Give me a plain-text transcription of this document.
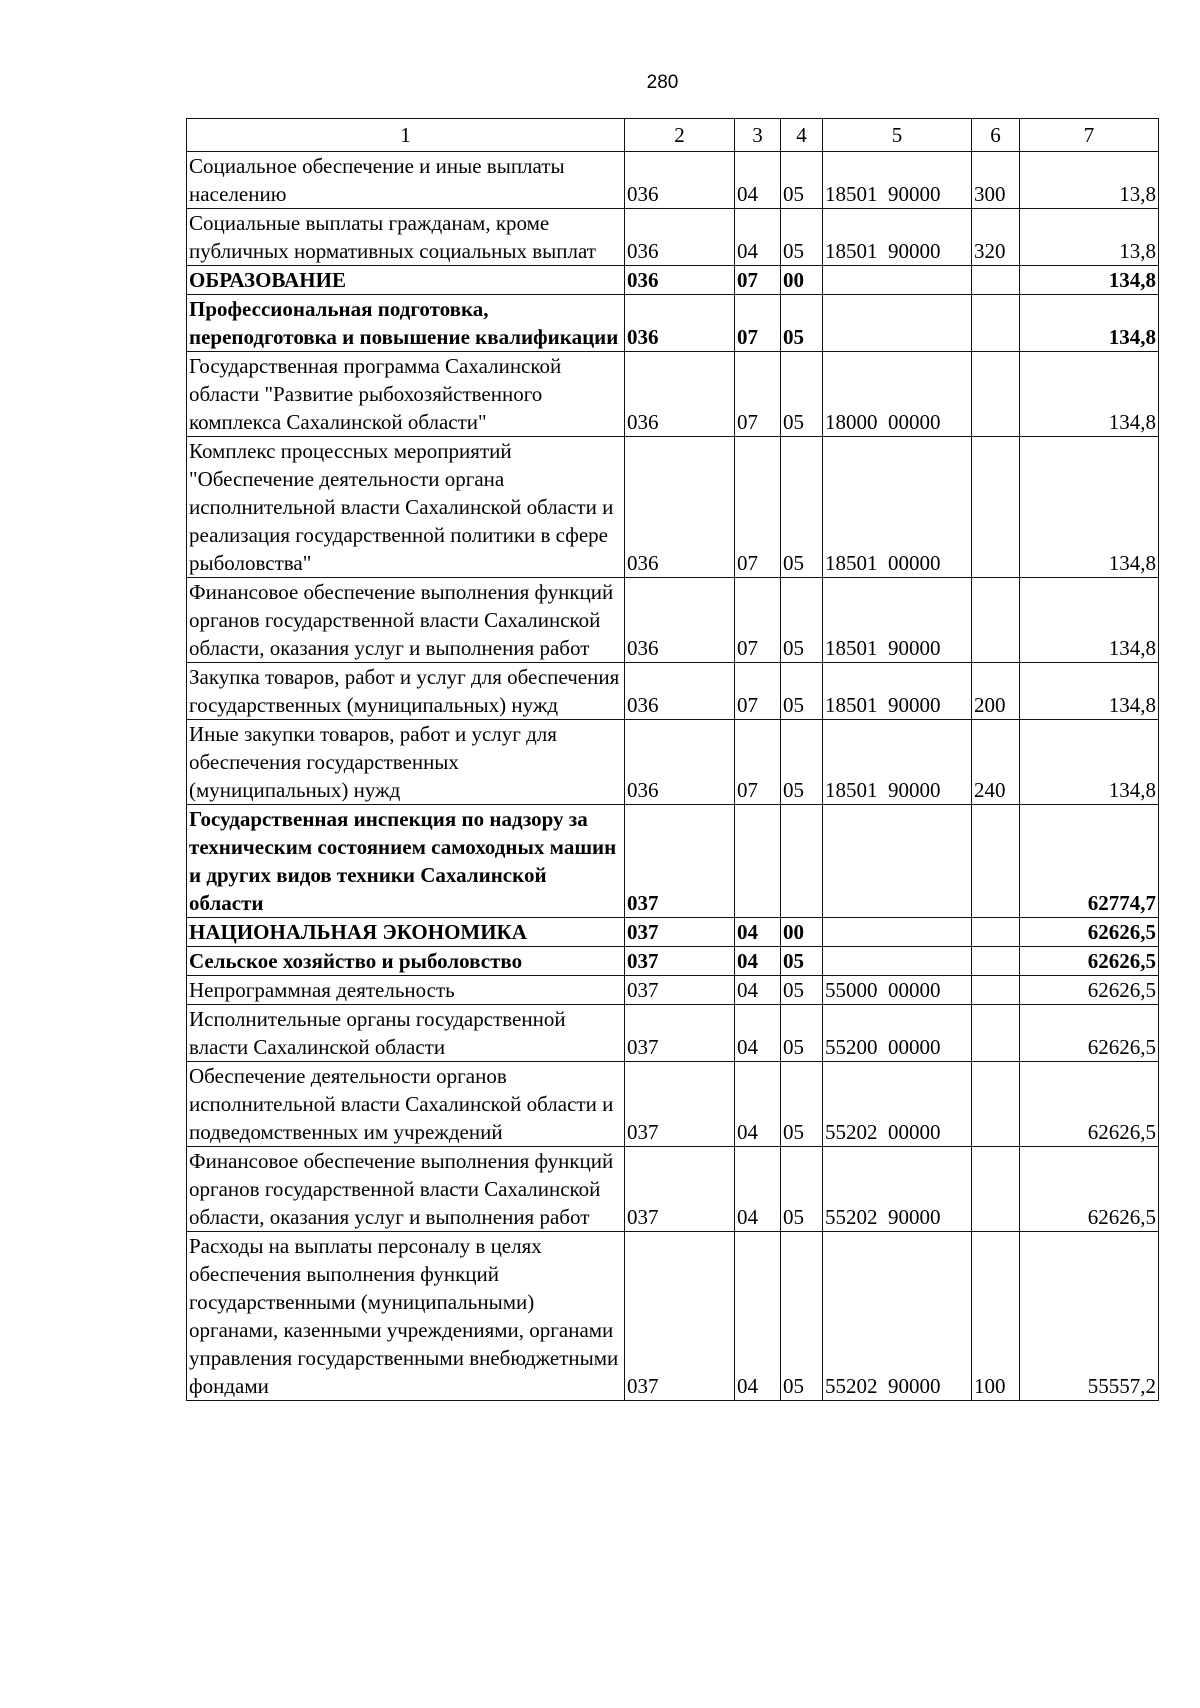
280
1	2	3	4	5	6	7
Социальное обеспечение и иные выплаты населению	036	04	05	18501  90000	300	13,8
Социальные выплаты гражданам, кроме публичных нормативных социальных выплат	036	04	05	18501  90000	320	13,8
ОБРАЗОВАНИЕ	036	07	00			134,8
Профессиональная подготовка, переподготовка и повышение квалификации	036	07	05			134,8
Государственная программа Сахалинской области "Развитие рыбохозяйственного комплекса Сахалинской области"	036	07	05	18000  00000		134,8
Комплекс процессных мероприятий "Обеспечение деятельности органа исполнительной власти Сахалинской области и реализация государственной политики в сфере рыболовства"	036	07	05	18501  00000		134,8
Финансовое обеспечение выполнения функций органов государственной власти Сахалинской области, оказания услуг и выполнения работ	036	07	05	18501  90000		134,8
Закупка товаров, работ и услуг для обеспечения государственных (муниципальных) нужд	036	07	05	18501  90000	200	134,8
Иные закупки товаров, работ и услуг для обеспечения государственных (муниципальных) нужд	036	07	05	18501  90000	240	134,8
Государственная инспекция по надзору за техническим состоянием самоходных машин и других видов техники Сахалинской области	037					62774,7
НАЦИОНАЛЬНАЯ ЭКОНОМИКА	037	04	00			62626,5
Сельское хозяйство и рыболовство	037	04	05			62626,5
Непрограммная деятельность	037	04	05	55000  00000		62626,5
Исполнительные органы государственной власти Сахалинской области	037	04	05	55200  00000		62626,5
Обеспечение деятельности органов исполнительной власти Сахалинской области и подведомственных им учреждений	037	04	05	55202  00000		62626,5
Финансовое обеспечение выполнения функций органов государственной власти Сахалинской области, оказания услуг и выполнения работ	037	04	05	55202  90000		62626,5
Расходы на выплаты персоналу в целях обеспечения выполнения функций государственными (муниципальными) органами, казенными учреждениями, органами управления государственными внебюджетными фондами	037	04	05	55202  90000	100	55557,2
